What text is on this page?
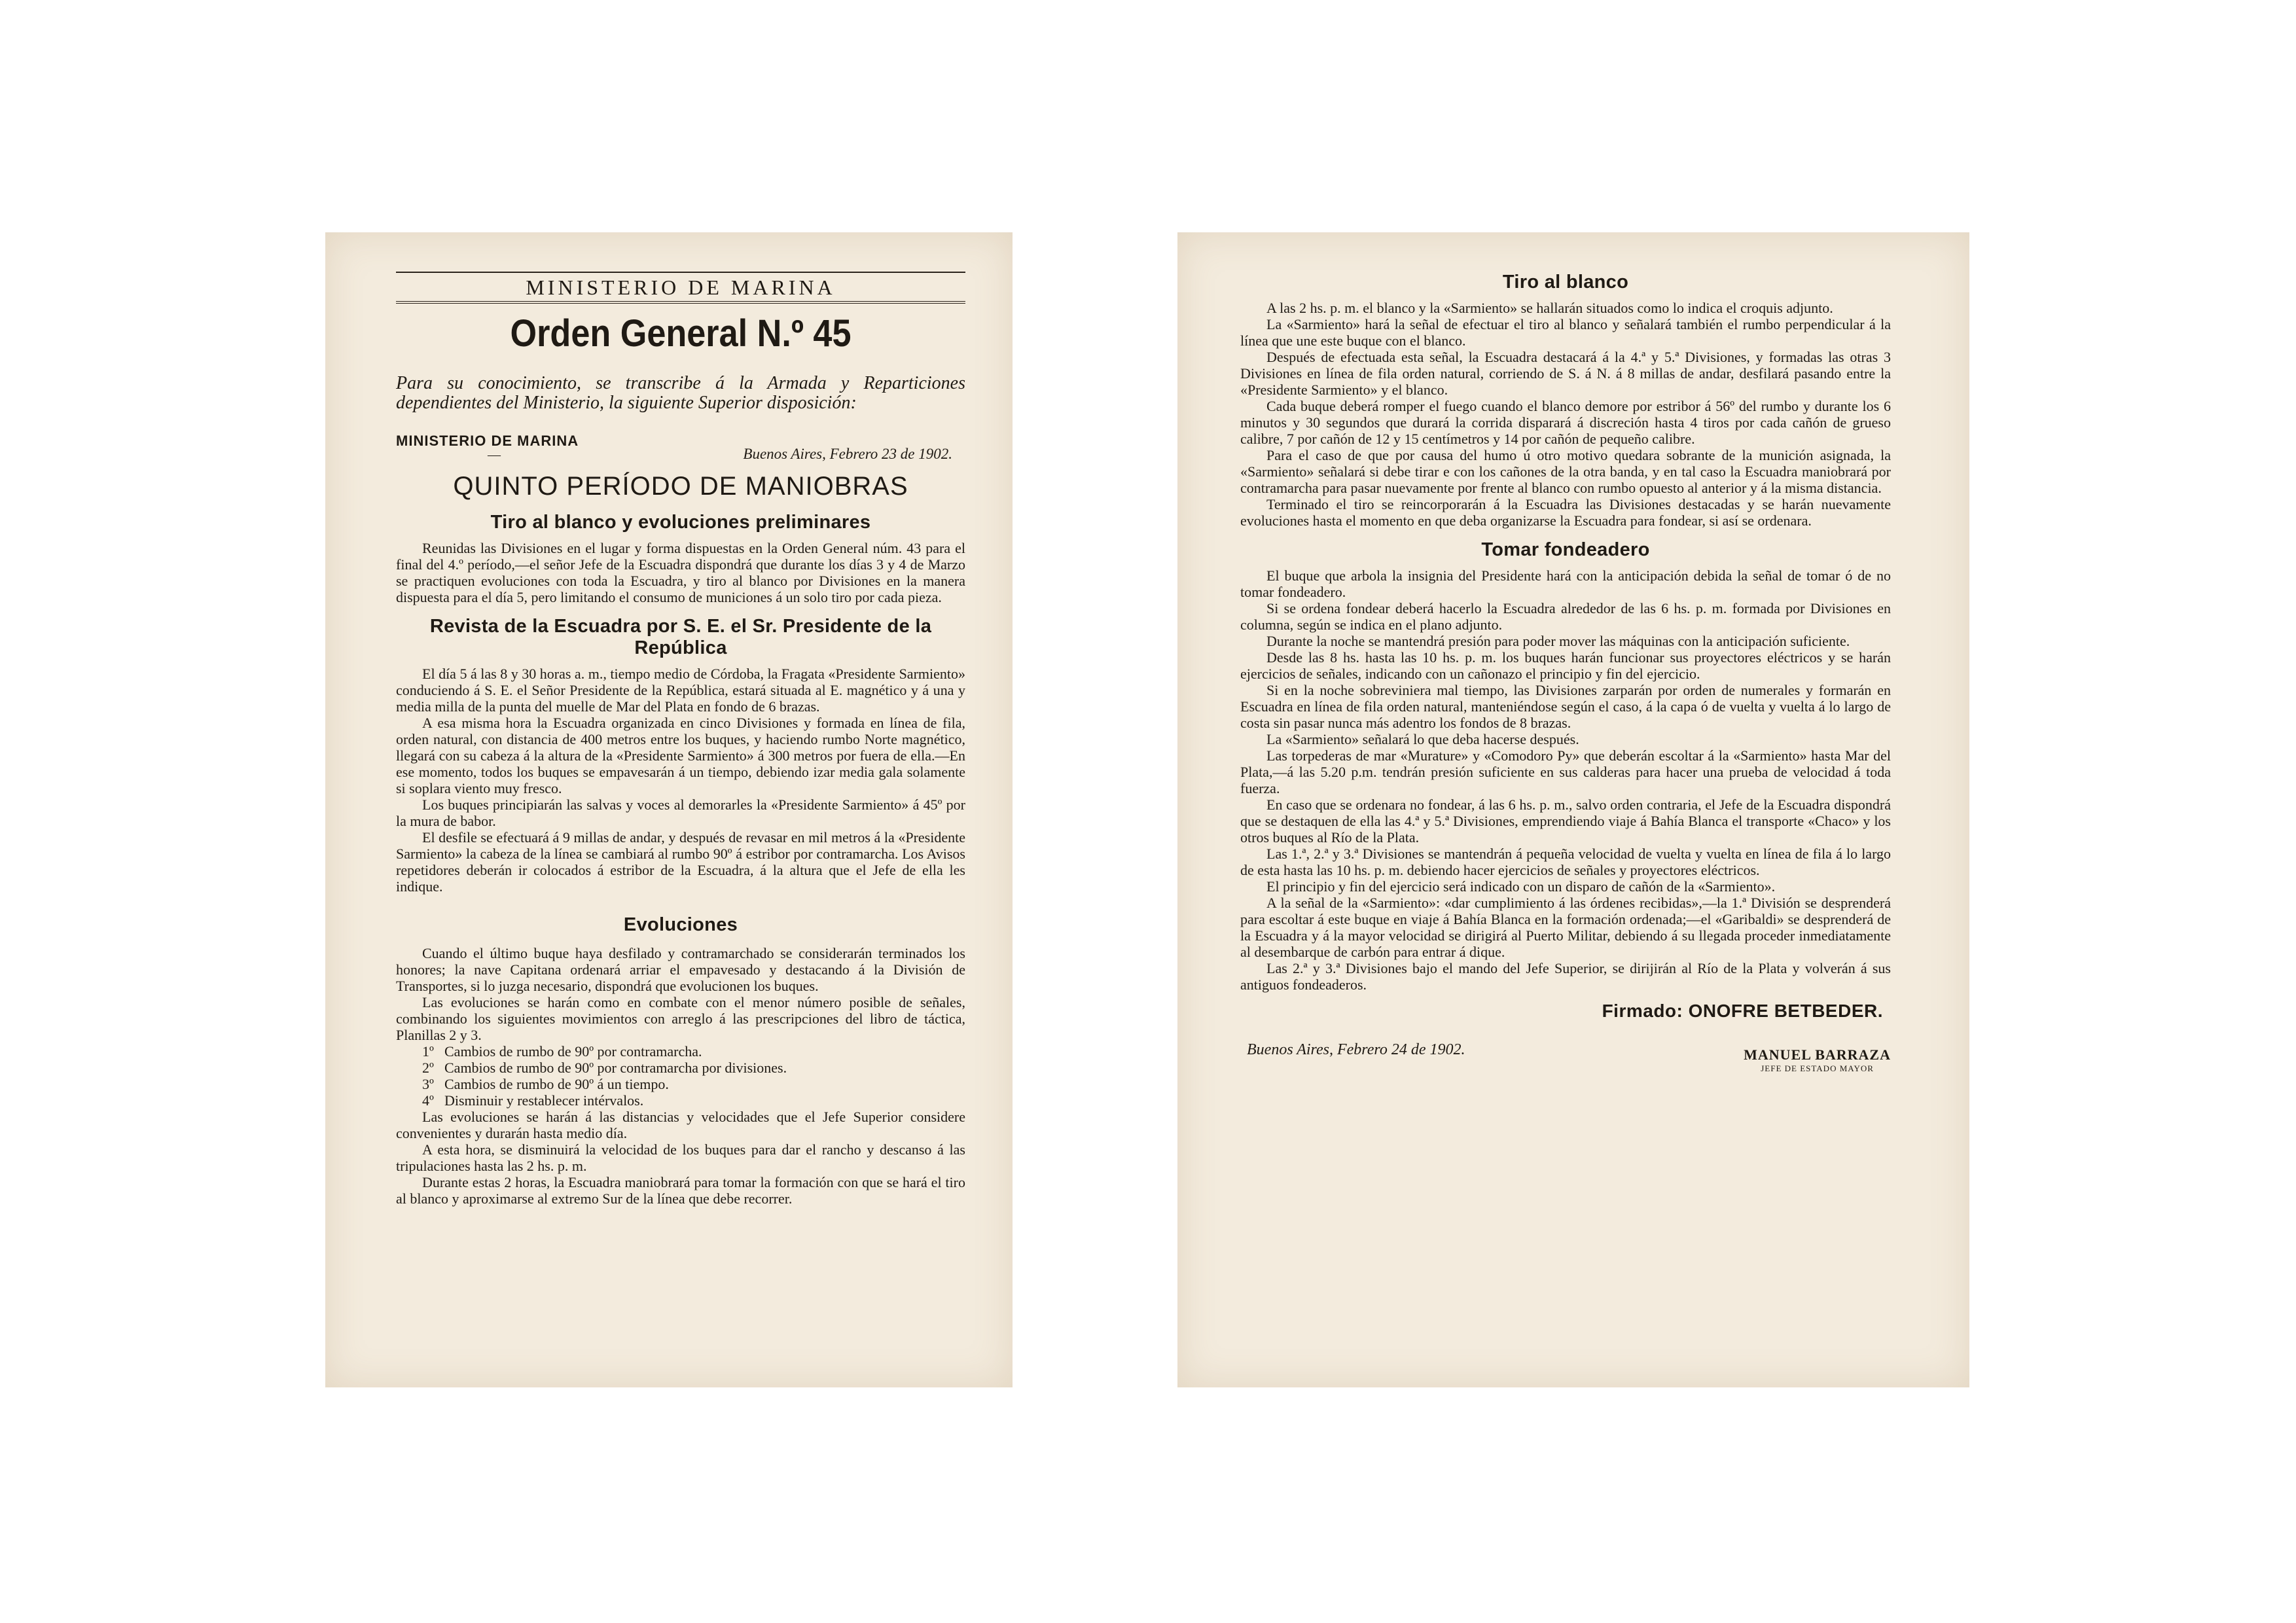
MINISTERIO DE MARINA
Orden General N.º 45

Para su conocimiento, se transcribe á la Armada y Reparticiones dependientes del Ministerio, la siguiente Superior disposición:

MINISTERIO DE MARINA

—	Buenos Aires, Febrero 23 de 1902.

QUINTO PERÍODO DE MANIOBRAS
Tiro al blanco y evoluciones preliminares

Reunidas las Divisiones en el lugar y forma dispuestas en la Orden General núm. 43 para el final del 4.º período,—el señor Jefe de la Escuadra dispondrá que durante los días 3 y 4 de Marzo se practiquen evoluciones con toda la Escuadra, y tiro al blanco por Divisiones en la manera dispuesta para el día 5, pero limitando el consumo de municiones á un solo tiro por cada pieza.

Revista de la Escuadra por S. E. el Sr. Presidente de la República

El día 5 á las 8 y 30 horas a. m., tiempo medio de Córdoba, la Fragata «Presidente Sarmiento» conduciendo á S. E. el Señor Presidente de la República, estará situada al E. magnético y á una y media milla de la punta del muelle de Mar del Plata en fondo de 6 brazas.

A esa misma hora la Escuadra organizada en cinco Divisiones y formada en línea de fila, orden natural, con distancia de 400 metros entre los buques, y haciendo rumbo Norte magnético, llegará con su cabeza á la altura de la «Presidente Sarmiento» á 300 metros por fuera de ella.—En ese momento, todos los buques se empavesarán á un tiempo, debiendo izar media gala solamente si soplara viento muy fresco.

Los buques principiarán las salvas y voces al demorarles la «Presidente Sarmiento» á 45º por la mura de babor.

El desfile se efectuará á 9 millas de andar, y después de revasar en mil metros á la «Presidente Sarmiento» la cabeza de la línea se cambiará al rumbo 90º á estribor por contramarcha. Los Avisos repetidores deberán ir colocados á estribor de la Escuadra, á la altura que el Jefe de ella les indique.

Evoluciones

Cuando el último buque haya desfilado y contramarchado se considerarán terminados los honores; la nave Capitana ordenará arriar el empavesado y destacando á la División de Transportes, si lo juzga necesario, dispondrá que evolucionen los buques.

Las evoluciones se harán como en combate con el menor número posible de señales, combinando los siguientes movimientos con arreglo á las prescripciones del libro de táctica, Planillas 2 y 3.

1º Cambios de rumbo de 90º por contramarcha.
2º Cambios de rumbo de 90º por contramarcha por divisiones.
3º Cambios de rumbo de 90º á un tiempo.
4º Disminuir y restablecer intérvalos.

Las evoluciones se harán á las distancias y velocidades que el Jefe Superior considere convenientes y durarán hasta medio día.

A esta hora, se disminuirá la velocidad de los buques para dar el rancho y descanso á las tripulaciones hasta las 2 hs. p. m.

Durante estas 2 horas, la Escuadra maniobrará para tomar la formación con que se hará el tiro al blanco y aproximarse al extremo Sur de la línea que debe recorrer.

Tiro al blanco

A las 2 hs. p. m. el blanco y la «Sarmiento» se hallarán situados como lo indica el croquis adjunto.

La «Sarmiento» hará la señal de efectuar el tiro al blanco y señalará también el rumbo perpendicular á la línea que une este buque con el blanco.

Después de efectuada esta señal, la Escuadra destacará á la 4.ª y 5.ª Divisiones, y formadas las otras 3 Divisiones en línea de fila orden natural, corriendo de S. á N. á 8 millas de andar, desfilará pasando entre la «Presidente Sarmiento» y el blanco.

Cada buque deberá romper el fuego cuando el blanco demore por estribor á 56º del rumbo y durante los 6 minutos y 30 segundos que durará la corrida disparará á discreción hasta 4 tiros por cada cañón de grueso calibre, 7 por cañón de 12 y 15 centímetros y 14 por cañón de pequeño calibre.

Para el caso de que por causa del humo ú otro motivo quedara sobrante de la munición asignada, la «Sarmiento» señalará si debe tirar e con los cañones de la otra banda, y en tal caso la Escuadra maniobrará por contramarcha para pasar nuevamente por frente al blanco con rumbo opuesto al anterior y á la misma distancia.

Terminado el tiro se reincorporarán á la Escuadra las Divisiones destacadas y se harán nuevamente evoluciones hasta el momento en que deba organizarse la Escuadra para fondear, si así se ordenara.

Tomar fondeadero

El buque que arbola la insignia del Presidente hará con la anticipación debida la señal de tomar ó de no tomar fondeadero.

Si se ordena fondear deberá hacerlo la Escuadra alrededor de las 6 hs. p. m. formada por Divisiones en columna, según se indica en el plano adjunto.

Durante la noche se mantendrá presión para poder mover las máquinas con la anticipación suficiente.

Desde las 8 hs. hasta las 10 hs. p. m. los buques harán funcionar sus proyectores eléctricos y se harán ejercicios de señales, indicando con un cañonazo el principio y fin del ejercicio.

Si en la noche sobreviniera mal tiempo, las Divisiones zarparán por orden de numerales y formarán en Escuadra en línea de fila orden natural, manteniéndose según el caso, á la capa ó de vuelta y vuelta á lo largo de costa sin pasar nunca más adentro los fondos de 8 brazas.

La «Sarmiento» señalará lo que deba hacerse después.

Las torpederas de mar «Murature» y «Comodoro Py» que deberán escoltar á la «Sarmiento» hasta Mar del Plata,—á las 5.20 p.m. tendrán presión suficiente en sus calderas para hacer una prueba de velocidad á toda fuerza.

En caso que se ordenara no fondear, á las 6 hs. p. m., salvo orden contraria, el Jefe de la Escuadra dispondrá que se destaquen de ella las 4.ª y 5.ª Divisiones, emprendiendo viaje á Bahía Blanca el transporte «Chaco» y los otros buques al Río de la Plata.

Las 1.ª, 2.ª y 3.ª Divisiones se mantendrán á pequeña velocidad de vuelta y vuelta en línea de fila á lo largo de esta hasta las 10 hs. p. m. debiendo hacer ejercicios de señales y proyectores eléctricos.

El principio y fin del ejercicio será indicado con un disparo de cañón de la «Sarmiento».

A la señal de la «Sarmiento»: «dar cumplimiento á las órdenes recibidas»,—la 1.ª División se desprenderá para escoltar á este buque en viaje á Bahía Blanca en la formación ordenada;—el «Garibaldi» se desprenderá de la Escuadra y á la mayor velocidad se dirigirá al Puerto Militar, debiendo á su llegada proceder inmediatamente al desembarque de carbón para entrar á dique.

Las 2.ª y 3.ª Divisiones bajo el mando del Jefe Superior, se dirijirán al Río de la Plata y volverán á sus antiguos fondeaderos.

Firmado: ONOFRE BETBEDER.
Buenos Aires, Febrero 24 de 1902.	MANUEL BARRAZA
JEFE DE ESTADO MAYOR
